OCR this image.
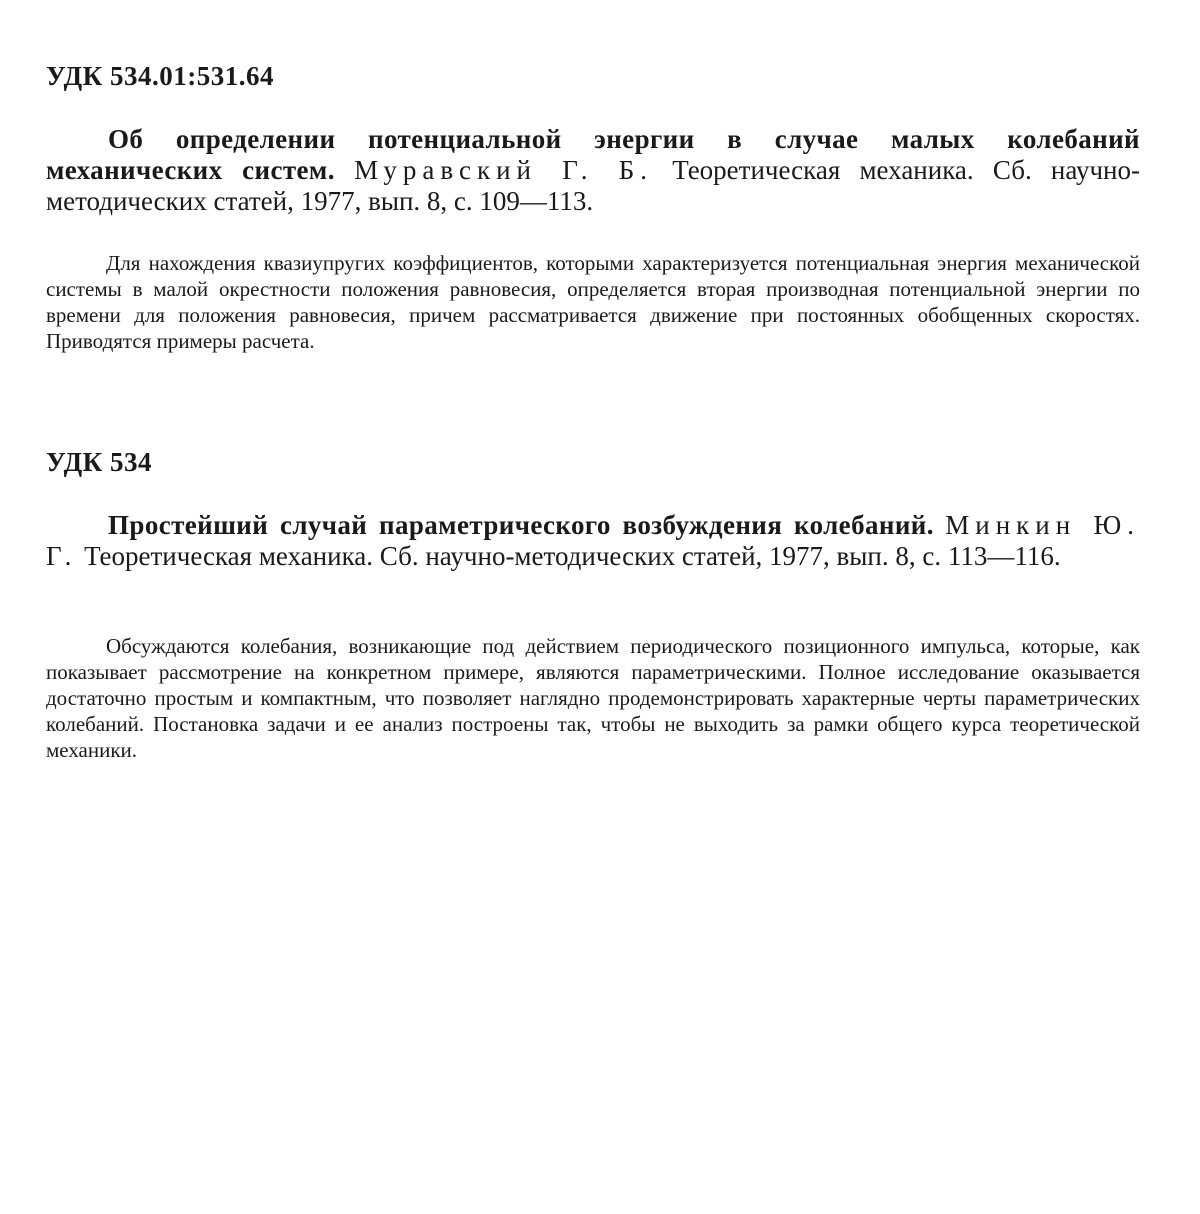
УДК 534.01:531.64
Об определении потенциальной энергии в случае малых колебаний механических систем. Муравский Г. Б. Теоретическая механика. Сб. научно-методических статей, 1977, вып. 8, с. 109—113.
Для нахождения квазиупругих коэффициентов, которыми характеризуется потенциальная энергия механической системы в малой окрестности положения равновесия, определяется вторая производная потенциальной энергии по времени для положения равновесия, причем рассматривается движение при постоянных обобщенных скоростях. Приводятся примеры расчета.
УДК 534
Простейший случай параметрического возбуждения колебаний. Минкин Ю. Г. Теоретическая механика. Сб. научно-методических статей, 1977, вып. 8, с. 113—116.
Обсуждаются колебания, возникающие под действием периодического позиционного импульса, которые, как показывает рассмотрение на конкретном примере, являются параметрическими. Полное исследование оказывается достаточно простым и компактным, что позволяет наглядно продемонстрировать характерные черты параметрических колебаний. Постановка задачи и ее анализ построены так, чтобы не выходить за рамки общего курса теоретической механики.
